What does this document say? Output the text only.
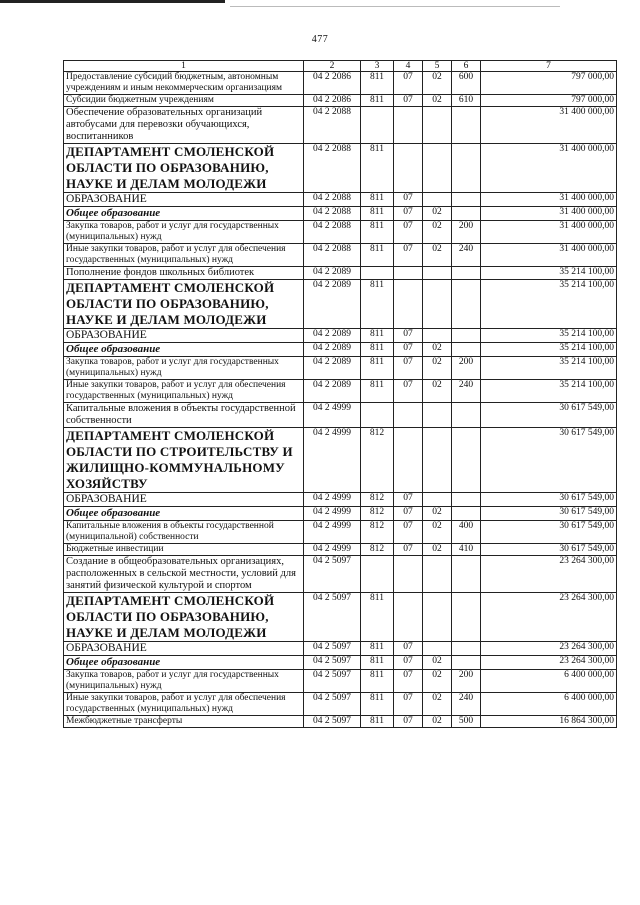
477
1	2	3	4	5	6	7
Предоставление субсидий бюджетным, автономным учреждениям и иным некоммерческим организациям	04 2 2086	811	07	02	600	797 000,00
Субсидии бюджетным учреждениям	04 2 2086	811	07	02	610	797 000,00
Обеспечение образовательных организаций автобусами для перевозки обучающихся, воспитанников	04 2 2088					31 400 000,00
ДЕПАРТАМЕНТ СМОЛЕНСКОЙ ОБЛАСТИ ПО ОБРАЗОВАНИЮ, НАУКЕ И ДЕЛАМ МОЛОДЕЖИ	04 2 2088	811				31 400 000,00
ОБРАЗОВАНИЕ	04 2 2088	811	07			31 400 000,00
Общее образование	04 2 2088	811	07	02		31 400 000,00
Закупка товаров, работ и услуг для государственных (муниципальных) нужд	04 2 2088	811	07	02	200	31 400 000,00
Иные закупки товаров, работ и услуг для обеспечения государственных (муниципальных) нужд	04 2 2088	811	07	02	240	31 400 000,00
Пополнение фондов школьных библиотек	04 2 2089					35 214 100,00
ДЕПАРТАМЕНТ СМОЛЕНСКОЙ ОБЛАСТИ ПО ОБРАЗОВАНИЮ, НАУКЕ И ДЕЛАМ МОЛОДЕЖИ	04 2 2089	811				35 214 100,00
ОБРАЗОВАНИЕ	04 2 2089	811	07			35 214 100,00
Общее образование	04 2 2089	811	07	02		35 214 100,00
Закупка товаров, работ и услуг для государственных (муниципальных) нужд	04 2 2089	811	07	02	200	35 214 100,00
Иные закупки товаров, работ и услуг для обеспечения государственных (муниципальных) нужд	04 2 2089	811	07	02	240	35 214 100,00
Капитальные вложения в объекты государственной собственности	04 2 4999					30 617 549,00
ДЕПАРТАМЕНТ СМОЛЕНСКОЙ ОБЛАСТИ ПО СТРОИТЕЛЬСТВУ И ЖИЛИЩНО-КОММУНАЛЬНОМУ ХОЗЯЙСТВУ	04 2 4999	812				30 617 549,00
ОБРАЗОВАНИЕ	04 2 4999	812	07			30 617 549,00
Общее образование	04 2 4999	812	07	02		30 617 549,00
Капитальные вложения в объекты государственной (муниципальной) собственности	04 2 4999	812	07	02	400	30 617 549,00
Бюджетные инвестиции	04 2 4999	812	07	02	410	30 617 549,00
Создание в общеобразовательных организациях, расположенных в сельской местности, условий для занятий физической культурой и спортом	04 2 5097					23 264 300,00
ДЕПАРТАМЕНТ СМОЛЕНСКОЙ ОБЛАСТИ ПО ОБРАЗОВАНИЮ, НАУКЕ И ДЕЛАМ МОЛОДЕЖИ	04 2 5097	811				23 264 300,00
ОБРАЗОВАНИЕ	04 2 5097	811	07			23 264 300,00
Общее образование	04 2 5097	811	07	02		23 264 300,00
Закупка товаров, работ и услуг для государственных (муниципальных) нужд	04 2 5097	811	07	02	200	6 400 000,00
Иные закупки товаров, работ и услуг для обеспечения государственных (муниципальных) нужд	04 2 5097	811	07	02	240	6 400 000,00
Межбюджетные трансферты	04 2 5097	811	07	02	500	16 864 300,00
